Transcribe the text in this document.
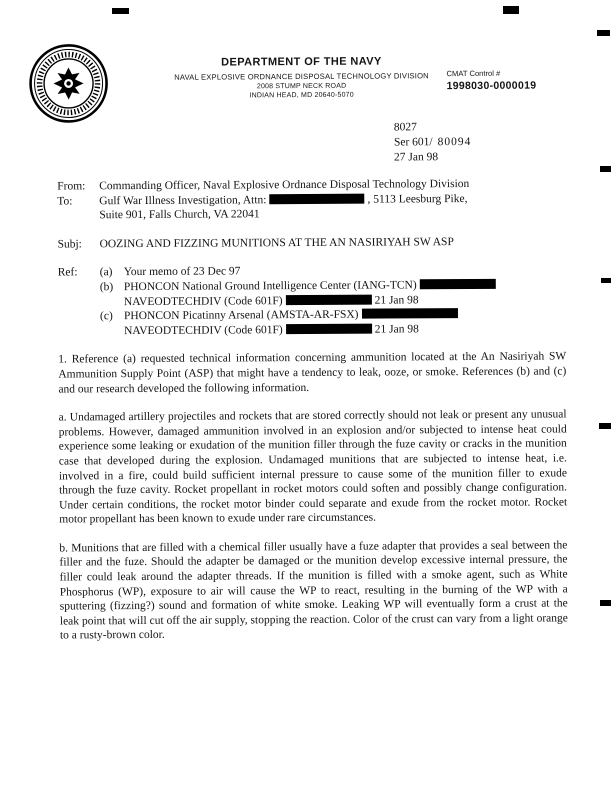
DEPARTMENT OF THE NAVY
NAVAL EXPLOSIVE ORDNANCE DISPOSAL TECHNOLOGY DIVISION
2008 STUMP NECK ROAD
INDIAN HEAD, MD 20640-5070
CMAT Control #
1998030-0000019
8027
Ser 601/ 80094
27 Jan 98
From:	Commanding Officer, Naval Explosive Ordnance Disposal Technology Division
To:	Gulf War Illness Investigation, Attn:	, 5113 Leesburg Pike,
Suite 901, Falls Church, VA 22041
Subj:	OOZING AND FIZZING MUNITIONS AT THE AN NASIRIYAH SW ASP
Ref:	(a) Your memo of 23 Dec 97
(b) PHONCON National Ground Intelligence Center (IANG-TCN)
NAVEODTECHDIV (Code 601F)	21 Jan 98
(c) PHONCON Picatinny Arsenal (AMSTA-AR-FSX)
NAVEODTECHDIV (Code 601F)	21 Jan 98

1. Reference (a) requested technical information concerning ammunition located at the An Nasiriyah SW Ammunition Supply Point (ASP) that might have a tendency to leak, ooze, or smoke. References (b) and (c) and our research developed the following information.

a. Undamaged artillery projectiles and rockets that are stored correctly should not leak or present any unusual problems. However, damaged ammunition involved in an explosion and/or subjected to intense heat could experience some leaking or exudation of the munition filler through the fuze cavity or cracks in the munition case that developed during the explosion. Undamaged munitions that are subjected to intense heat, i.e. involved in a fire, could build sufficient internal pressure to cause some of the munition filler to exude through the fuze cavity. Rocket propellant in rocket motors could soften and possibly change configuration. Under certain conditions, the rocket motor binder could separate and exude from the rocket motor. Rocket motor propellant has been known to exude under rare circumstances.

b. Munitions that are filled with a chemical filler usually have a fuze adapter that provides a seal between the filler and the fuze. Should the adapter be damaged or the munition develop excessive internal pressure, the filler could leak around the adapter threads. If the munition is filled with a smoke agent, such as White Phosphorus (WP), exposure to air will cause the WP to react, resulting in the burning of the WP with a sputtering (fizzing?) sound and formation of white smoke. Leaking WP will eventually form a crust at the leak point that will cut off the air supply, stopping the reaction. Color of the crust can vary from a light orange to a rusty-brown color.
